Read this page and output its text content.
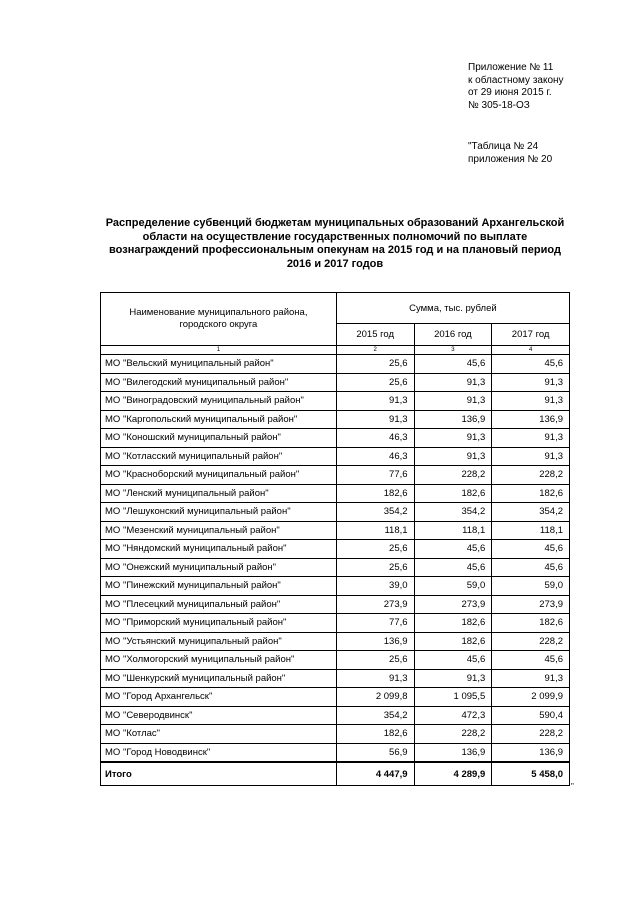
Приложение № 11
к областному закону
от 29 июня 2015 г.
№ 305-18-ОЗ
"Таблица № 24
приложения № 20
Распределение субвенций бюджетам муниципальных образований Архангельской области на осуществление государственных полномочий по выплате вознаграждений профессиональным опекунам на 2015 год и на плановый период 2016 и 2017 годов
Наименование муниципального района, городского округа	Сумма, тыс. рублей		
	2015 год	2016 год	2017 год
1	2	3	4
МО "Вельский муниципальный район"	25,6	45,6	45,6
МО "Вилегодский муниципальный район"	25,6	91,3	91,3
МО "Виноградовский муниципальный район"	91,3	91,3	91,3
МО "Каргопольский муниципальный район"	91,3	136,9	136,9
МО "Коношский муниципальный район"	46,3	91,3	91,3
МО "Котласский муниципальный район"	46,3	91,3	91,3
МО "Красноборский муниципальный район"	77,6	228,2	228,2
МО "Ленский муниципальный район"	182,6	182,6	182,6
МО "Лешуконский муниципальный район"	354,2	354,2	354,2
МО "Мезенский муниципальный район"	118,1	118,1	118,1
МО "Няндомский муниципальный район"	25,6	45,6	45,6
МО "Онежский муниципальный район"	25,6	45,6	45,6
МО "Пинежский муниципальный район"	39,0	59,0	59,0
МО "Плесецкий муниципальный район"	273,9	273,9	273,9
МО "Приморский муниципальный район"	77,6	182,6	182,6
МО "Устьянский муниципальный район"	136,9	182,6	228,2
МО "Холмогорский муниципальный район"	25,6	45,6	45,6
МО "Шенкурский муниципальный район"	91,3	91,3	91,3
МО "Город Архангельск"	2 099,8	1 095,5	2 099,9
МО "Северодвинск"	354,2	472,3	590,4
МО "Котлас"	182,6	228,2	228,2
МО "Город Новодвинск"	56,9	136,9	136,9
Итого	4 447,9	4 289,9	5 458,0
"
